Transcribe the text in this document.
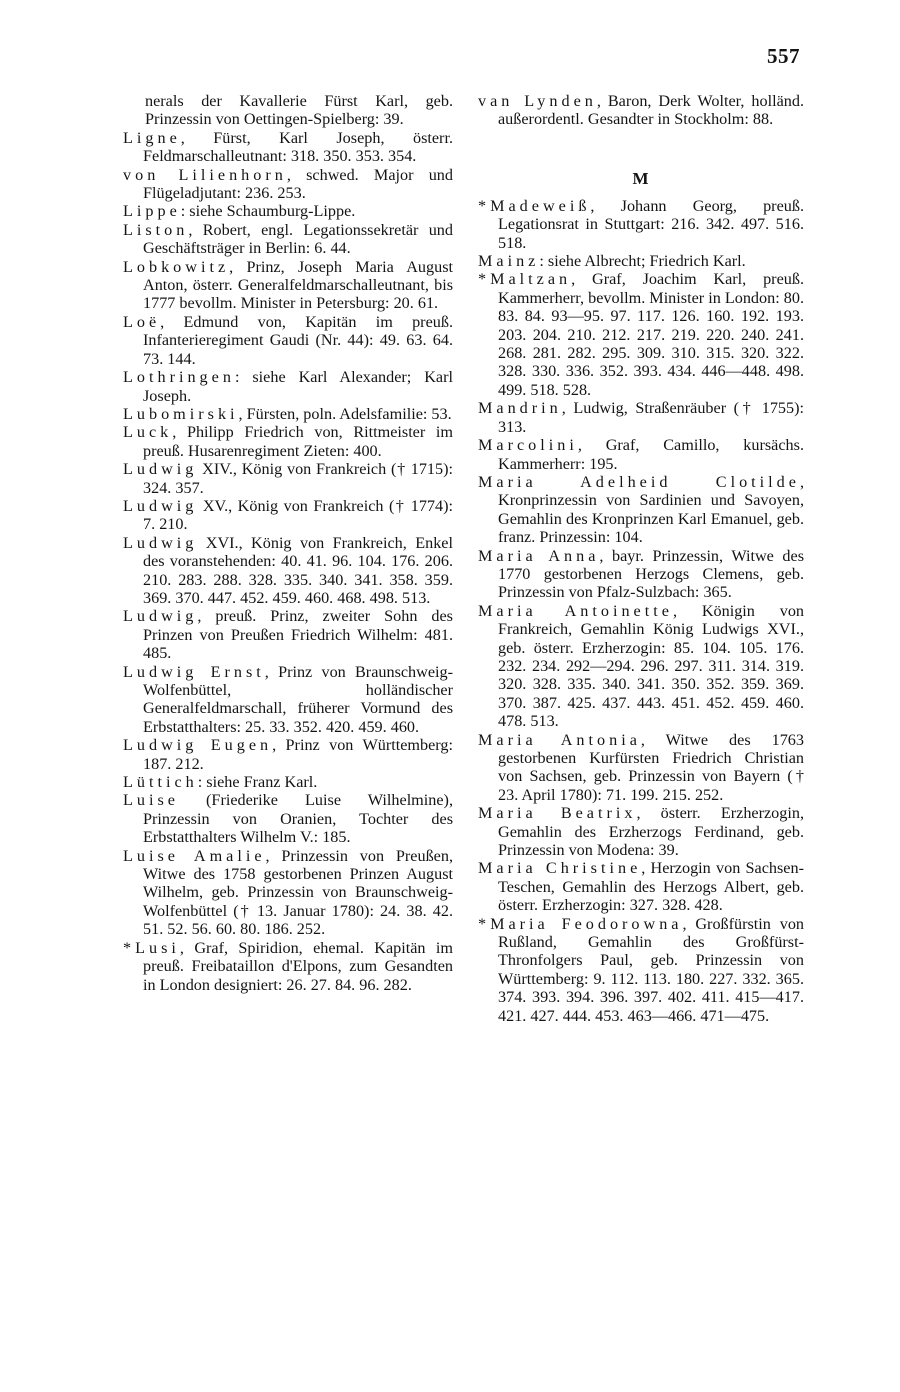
557

nerals der Kavallerie Fürst Karl, geb. Prinzessin von Oettingen-Spielberg: 39.

Ligne, Fürst, Karl Joseph, österr. Feldmarschalleutnant: 318. 350. 353. 354.

von Lilienhorn, schwed. Major und Flügeladjutant: 236. 253.

Lippe: siehe Schaumburg-Lippe.

Liston, Robert, engl. Legationssekretär und Geschäftsträger in Berlin: 6. 44.

Lobkowitz, Prinz, Joseph Maria August Anton, österr. Generalfeldmarschalleutnant, bis 1777 bevollm. Minister in Petersburg: 20. 61.

Loë, Edmund von, Kapitän im preuß. Infanterieregiment Gaudi (Nr. 44): 49. 63. 64. 73. 144.

Lothringen: siehe Karl Alexander; Karl Joseph.

Lubomirski, Fürsten, poln. Adelsfamilie: 53.

Luck, Philipp Friedrich von, Rittmeister im preuß. Husarenregiment Zieten: 400.

Ludwig XIV., König von Frankreich († 1715): 324. 357.

Ludwig XV., König von Frankreich († 1774): 7. 210.

Ludwig XVI., König von Frankreich, Enkel des voranstehenden: 40. 41. 96. 104. 176. 206. 210. 283. 288. 328. 335. 340. 341. 358. 359. 369. 370. 447. 452. 459. 460. 468. 498. 513.

Ludwig, preuß. Prinz, zweiter Sohn des Prinzen von Preußen Friedrich Wilhelm: 481. 485.

Ludwig Ernst, Prinz von Braunschweig-Wolfenbüttel, holländischer Generalfeldmarschall, früherer Vormund des Erbstatthalters: 25. 33. 352. 420. 459. 460.

Ludwig Eugen, Prinz von Württemberg: 187. 212.

Lüttich: siehe Franz Karl.

Luise (Friederike Luise Wilhelmine), Prinzessin von Oranien, Tochter des Erbstatthalters Wilhelm V.: 185.

Luise Amalie, Prinzessin von Preußen, Witwe des 1758 gestorbenen Prinzen August Wilhelm, geb. Prinzessin von Braunschweig-Wolfenbüttel († 13. Januar 1780): 24. 38. 42. 51. 52. 56. 60. 80. 186. 252.

*Lusi, Graf, Spiridion, ehemal. Kapitän im preuß. Freibataillon d'Elpons, zum Gesandten in London designiert: 26. 27. 84. 96. 282.

van Lynden, Baron, Derk Wolter, holländ. außerordentl. Gesandter in Stockholm: 88.

M

*Madeweiß, Johann Georg, preuß. Legationsrat in Stuttgart: 216. 342. 497. 516. 518.

Mainz: siehe Albrecht; Friedrich Karl.

*Maltzan, Graf, Joachim Karl, preuß. Kammerherr, bevollm. Minister in London: 80. 83. 84. 93—95. 97. 117. 126. 160. 192. 193. 203. 204. 210. 212. 217. 219. 220. 240. 241. 268. 281. 282. 295. 309. 310. 315. 320. 322. 328. 330. 336. 352. 393. 434. 446—448. 498. 499. 518. 528.

Mandrin, Ludwig, Straßenräuber († 1755): 313.

Marcolini, Graf, Camillo, kursächs. Kammerherr: 195.

Maria Adelheid Clotilde, Kronprinzessin von Sardinien und Savoyen, Gemahlin des Kronprinzen Karl Emanuel, geb. franz. Prinzessin: 104.

Maria Anna, bayr. Prinzessin, Witwe des 1770 gestorbenen Herzogs Clemens, geb. Prinzessin von Pfalz-Sulzbach: 365.

Maria Antoinette, Königin von Frankreich, Gemahlin König Ludwigs XVI., geb. österr. Erzherzogin: 85. 104. 105. 176. 232. 234. 292—294. 296. 297. 311. 314. 319. 320. 328. 335. 340. 341. 350. 352. 359. 369. 370. 387. 425. 437. 443. 451. 452. 459. 460. 478. 513.

Maria Antonia, Witwe des 1763 gestorbenen Kurfürsten Friedrich Christian von Sachsen, geb. Prinzessin von Bayern († 23. April 1780): 71. 199. 215. 252.

Maria Beatrix, österr. Erzherzogin, Gemahlin des Erzherzogs Ferdinand, geb. Prinzessin von Modena: 39.

Maria Christine, Herzogin von Sachsen-Teschen, Gemahlin des Herzogs Albert, geb. österr. Erzherzogin: 327. 328. 428.

*Maria Feodorowna, Großfürstin von Rußland, Gemahlin des Großfürst-Thronfolgers Paul, geb. Prinzessin von Württemberg: 9. 112. 113. 180. 227. 332. 365. 374. 393. 394. 396. 397. 402. 411. 415—417. 421. 427. 444. 453. 463—466. 471—475.
